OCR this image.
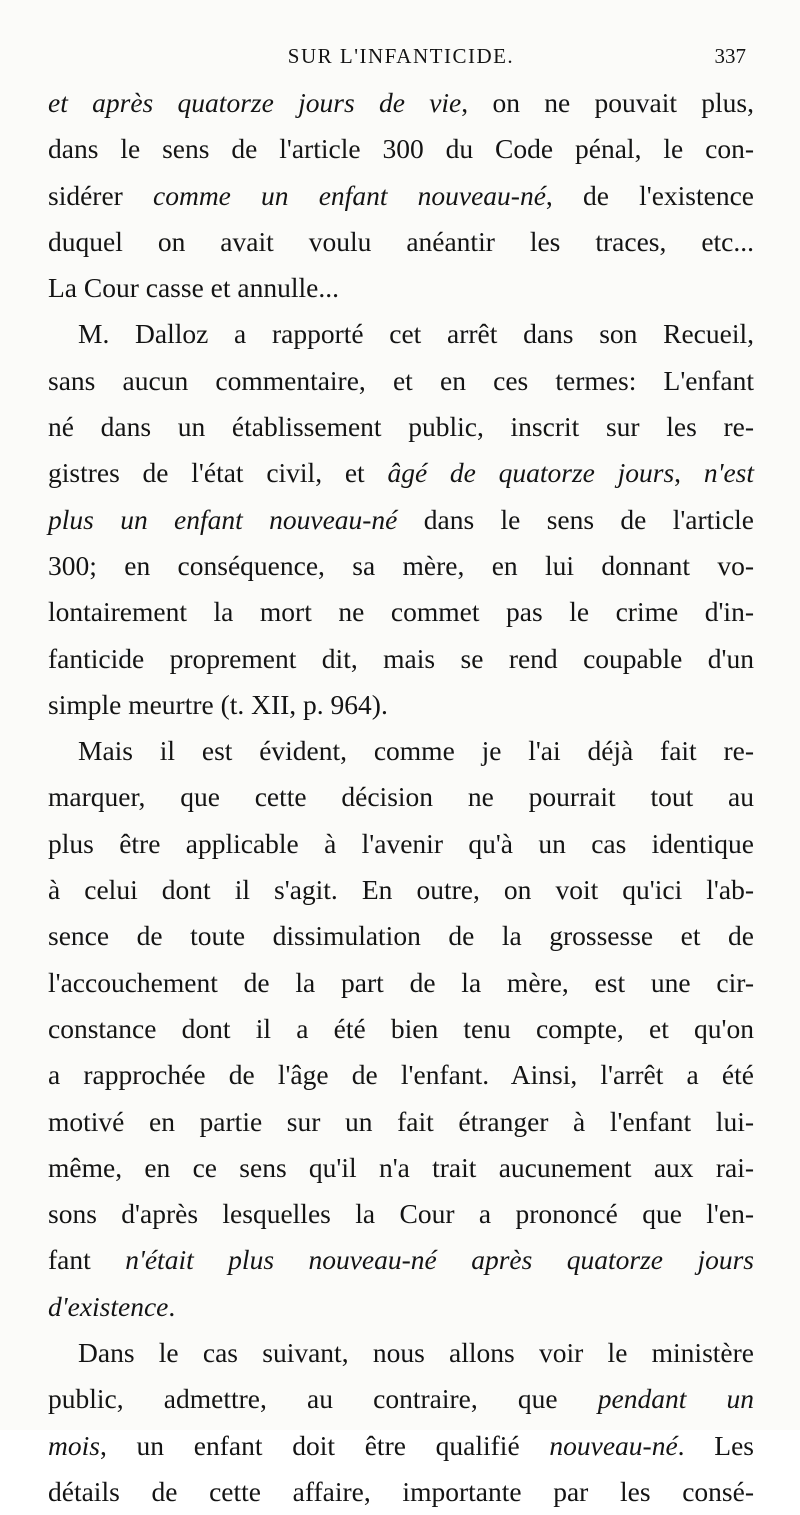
SUR L'INFANTICIDE.	337
et après quatorze jours de vie, on ne pouvait plus,
dans le sens de l'article 300 du Code pénal, le con-
sidérer comme un enfant nouveau-né, de l'existence
duquel on avait voulu anéantir les traces, etc...
La Cour casse et annulle...
M. Dalloz a rapporté cet arrêt dans son Recueil,
sans aucun commentaire, et en ces termes: L'enfant
né dans un établissement public, inscrit sur les re-
gistres de l'état civil, et âgé de quatorze jours, n'est
plus un enfant nouveau-né dans le sens de l'article
300; en conséquence, sa mère, en lui donnant vo-
lontairement la mort ne commet pas le crime d'in-
fanticide proprement dit, mais se rend coupable d'un
simple meurtre (t. XII, p. 964).
Mais il est évident, comme je l'ai déjà fait re-
marquer, que cette décision ne pourrait tout au
plus être applicable à l'avenir qu'à un cas identique
à celui dont il s'agit. En outre, on voit qu'ici l'ab-
sence de toute dissimulation de la grossesse et de
l'accouchement de la part de la mère, est une cir-
constance dont il a été bien tenu compte, et qu'on
a rapprochée de l'âge de l'enfant. Ainsi, l'arrêt a été
motivé en partie sur un fait étranger à l'enfant lui-
même, en ce sens qu'il n'a trait aucunement aux rai-
sons d'après lesquelles la Cour a prononcé que l'en-
fant n'était plus nouveau-né après quatorze jours
d'existence.
Dans le cas suivant, nous allons voir le ministère
public, admettre, au contraire, que pendant un
mois, un enfant doit être qualifié nouveau-né. Les
détails de cette affaire, importante par les consé-
